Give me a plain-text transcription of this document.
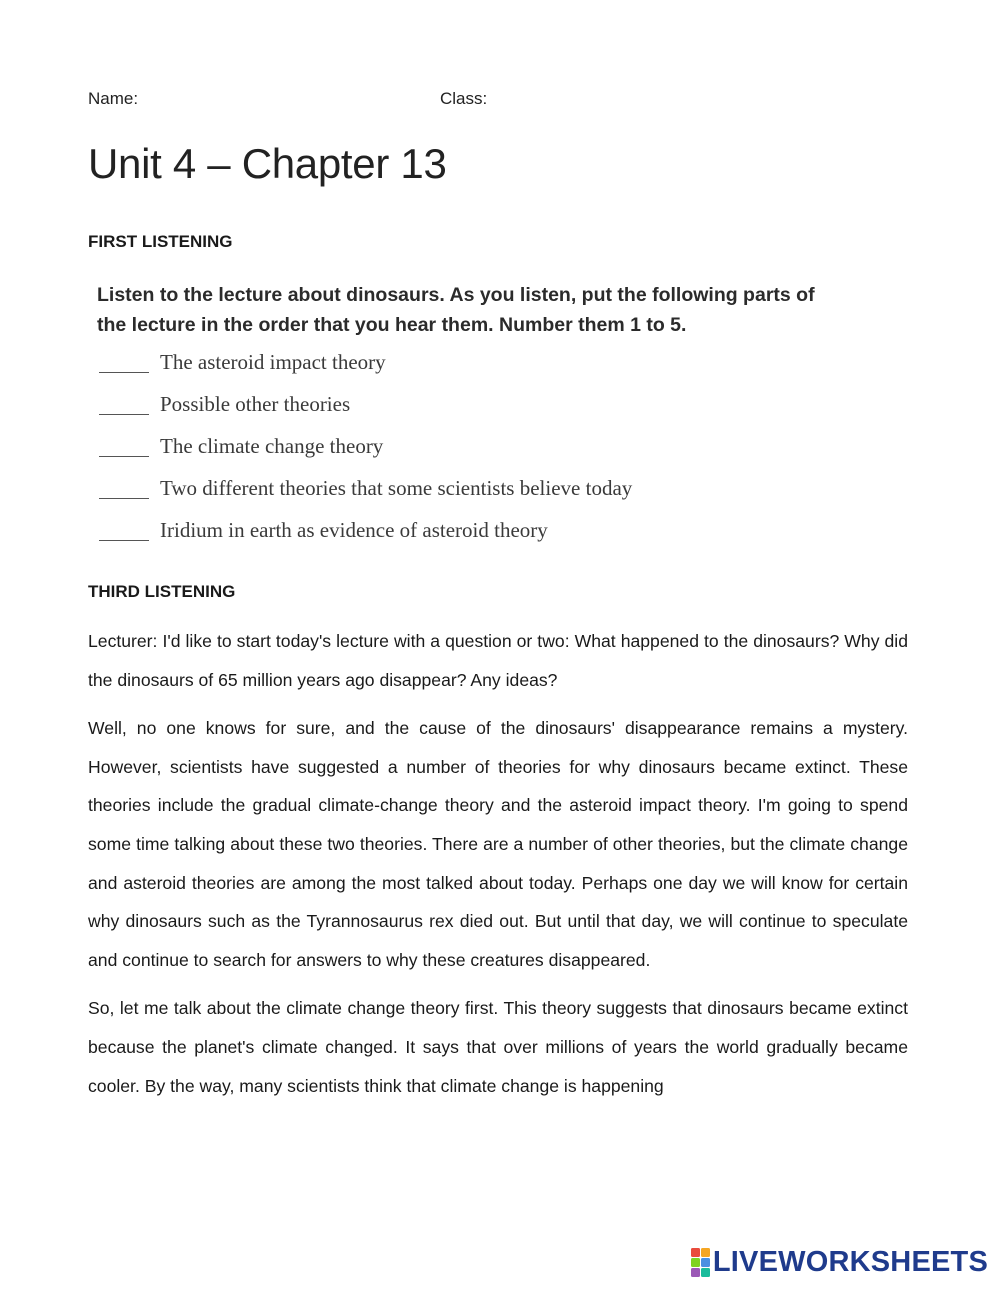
Name:	Class:
Unit 4 – Chapter 13
FIRST LISTENING

Listen to the lecture about dinosaurs. As you listen, put the following parts of
the lecture in the order that you hear them. Number them 1 to 5.

The asteroid impact theory
Possible other theories
The climate change theory
Two different theories that some scientists believe today
Iridium in earth as evidence of asteroid theory
THIRD LISTENING

Lecturer: I'd like to start today's lecture with a question or two: What happened to the dinosaurs? Why did the dinosaurs of 65 million years ago disappear? Any ideas?

Well, no one knows for sure, and the cause of the dinosaurs' disappearance remains a mystery. However, scientists have suggested a number of theories for why dinosaurs became extinct. These theories include the gradual climate-change theory and the asteroid impact theory. I'm going to spend some time talking about these two theories. There are a number of other theories, but the climate change and asteroid theories are among the most talked about today. Perhaps one day we will know for certain why dinosaurs such as the Tyrannosaurus rex died out. But until that day, we will continue to speculate and continue to search for answers to why these creatures disappeared.

So, let me talk about the climate change theory first. This theory suggests that dinosaurs became extinct because the planet's climate changed. It says that over millions of years the world gradually became cooler. By the way, many scientists think that climate change is happening

LIVEWORKSHEETS
